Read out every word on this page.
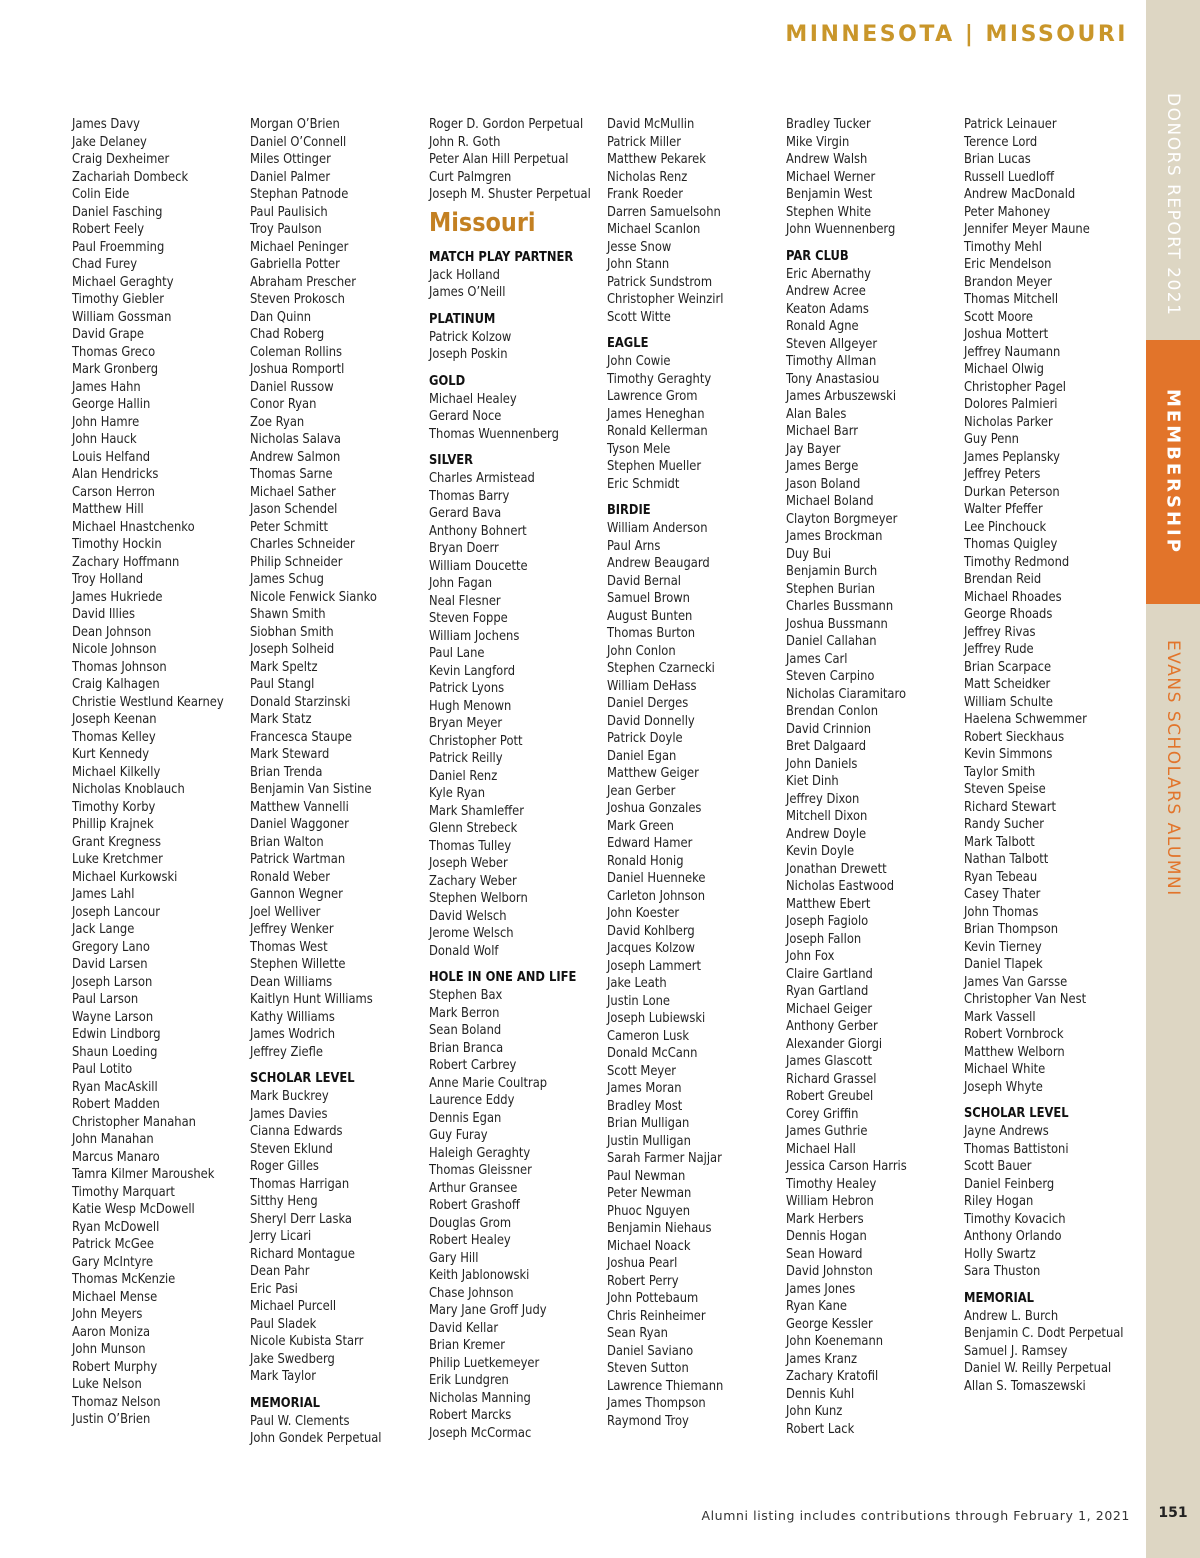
MINNESOTA | MISSOURI
James Davy
Jake Delaney
Craig Dexheimer
Zachariah Dombeck
Colin Eide
Daniel Fasching
Robert Feely
Paul Froemming
Chad Furey
Michael Geraghty
Timothy Giebler
William Gossman
David Grape
Thomas Greco
Mark Gronberg
James Hahn
George Hallin
John Hamre
John Hauck
Louis Helfand
Alan Hendricks
Carson Herron
Matthew Hill
Michael Hnastchenko
Timothy Hockin
Zachary Hoffmann
Troy Holland
James Hukriede
David Illies
Dean Johnson
Nicole Johnson
Thomas Johnson
Craig Kalhagen
Christie Westlund Kearney
Joseph Keenan
Thomas Kelley
Kurt Kennedy
Michael Kilkelly
Nicholas Knoblauch
Timothy Korby
Phillip Krajnek
Grant Kregness
Luke Kretchmer
Michael Kurkowski
James Lahl
Joseph Lancour
Jack Lange
Gregory Lano
David Larsen
Joseph Larson
Paul Larson
Wayne Larson
Edwin Lindborg
Shaun Loeding
Paul Lotito
Ryan MacAskill
Robert Madden
Christopher Manahan
John Manahan
Marcus Manaro
Tamra Kilmer Maroushek
Timothy Marquart
Katie Wesp McDowell
Ryan McDowell
Patrick McGee
Gary McIntyre
Thomas McKenzie
Michael Mense
John Meyers
Aaron Moniza
John Munson
Robert Murphy
Luke Nelson
Thomaz Nelson
Justin O’Brien
Morgan O’Brien
Daniel O’Connell
Miles Ottinger
Daniel Palmer
Stephan Patnode
Paul Paulisich
Troy Paulson
Michael Peninger
Gabriella Potter
Abraham Prescher
Steven Prokosch
Dan Quinn
Chad Roberg
Coleman Rollins
Joshua Romportl
Daniel Russow
Conor Ryan
Zoe Ryan
Nicholas Salava
Andrew Salmon
Thomas Sarne
Michael Sather
Jason Schendel
Peter Schmitt
Charles Schneider
Philip Schneider
James Schug
Nicole Fenwick Sianko
Shawn Smith
Siobhan Smith
Joseph Solheid
Mark Speltz
Paul Stangl
Donald Starzinski
Mark Statz
Francesca Staupe
Mark Steward
Brian Trenda
Benjamin Van Sistine
Matthew Vannelli
Daniel Waggoner
Brian Walton
Patrick Wartman
Ronald Weber
Gannon Wegner
Joel Welliver
Jeffrey Wenker
Thomas West
Stephen Willette
Dean Williams
Kaitlyn Hunt Williams
Kathy Williams
James Wodrich
Jeffrey Ziefle
SCHOLAR LEVEL
Mark Buckrey
James Davies
Cianna Edwards
Steven Eklund
Roger Gilles
Thomas Harrigan
Sitthy Heng
Sheryl Derr Laska
Jerry Licari
Richard Montague
Dean Pahr
Eric Pasi
Michael Purcell
Paul Sladek
Nicole Kubista Starr
Jake Swedberg
Mark Taylor
MEMORIAL
Paul W. Clements
John Gondek Perpetual
Roger D. Gordon Perpetual
John R. Goth
Peter Alan Hill Perpetual
Curt Palmgren
Joseph M. Shuster Perpetual
Missouri
MATCH PLAY PARTNER
Jack Holland
James O’Neill
PLATINUM
Patrick Kolzow
Joseph Poskin
GOLD
Michael Healey
Gerard Noce
Thomas Wuennenberg
SILVER
Charles Armistead
Thomas Barry
Gerard Bava
Anthony Bohnert
Bryan Doerr
William Doucette
John Fagan
Neal Flesner
Steven Foppe
William Jochens
Paul Lane
Kevin Langford
Patrick Lyons
Hugh Menown
Bryan Meyer
Christopher Pott
Patrick Reilly
Daniel Renz
Kyle Ryan
Mark Shamleffer
Glenn Strebeck
Thomas Tulley
Joseph Weber
Zachary Weber
Stephen Welborn
David Welsch
Jerome Welsch
Donald Wolf
HOLE IN ONE AND LIFE
Stephen Bax
Mark Berron
Sean Boland
Brian Branca
Robert Carbrey
Anne Marie Coultrap
Laurence Eddy
Dennis Egan
Guy Furay
Haleigh Geraghty
Thomas Gleissner
Arthur Gransee
Robert Grashoff
Douglas Grom
Robert Healey
Gary Hill
Keith Jablonowski
Chase Johnson
Mary Jane Groff Judy
David Kellar
Brian Kremer
Philip Luetkemeyer
Erik Lundgren
Nicholas Manning
Robert Marcks
Joseph McCormac
David McMullin
Patrick Miller
Matthew Pekarek
Nicholas Renz
Frank Roeder
Darren Samuelsohn
Michael Scanlon
Jesse Snow
John Stann
Patrick Sundstrom
Christopher Weinzirl
Scott Witte
EAGLE
John Cowie
Timothy Geraghty
Lawrence Grom
James Heneghan
Ronald Kellerman
Tyson Mele
Stephen Mueller
Eric Schmidt
BIRDIE
William Anderson
Paul Arns
Andrew Beaugard
David Bernal
Samuel Brown
August Bunten
Thomas Burton
John Conlon
Stephen Czarnecki
William DeHass
Daniel Derges
David Donnelly
Patrick Doyle
Daniel Egan
Matthew Geiger
Jean Gerber
Joshua Gonzales
Mark Green
Edward Hamer
Ronald Honig
Daniel Huenneke
Carleton Johnson
John Koester
David Kohlberg
Jacques Kolzow
Joseph Lammert
Jake Leath
Justin Lone
Joseph Lubiewski
Cameron Lusk
Donald McCann
Scott Meyer
James Moran
Bradley Most
Brian Mulligan
Justin Mulligan
Sarah Farmer Najjar
Paul Newman
Peter Newman
Phuoc Nguyen
Benjamin Niehaus
Michael Noack
Joshua Pearl
Robert Perry
John Pottebaum
Chris Reinheimer
Sean Ryan
Daniel Saviano
Steven Sutton
Lawrence Thiemann
James Thompson
Raymond Troy
Bradley Tucker
Mike Virgin
Andrew Walsh
Michael Werner
Benjamin West
Stephen White
John Wuennenberg
PAR CLUB
Eric Abernathy
Andrew Acree
Keaton Adams
Ronald Agne
Steven Allgeyer
Timothy Allman
Tony Anastasiou
James Arbuszewski
Alan Bales
Michael Barr
Jay Bayer
James Berge
Jason Boland
Michael Boland
Clayton Borgmeyer
James Brockman
Duy Bui
Benjamin Burch
Stephen Burian
Charles Bussmann
Joshua Bussmann
Daniel Callahan
James Carl
Steven Carpino
Nicholas Ciaramitaro
Brendan Conlon
David Crinnion
Bret Dalgaard
John Daniels
Kiet Dinh
Jeffrey Dixon
Mitchell Dixon
Andrew Doyle
Kevin Doyle
Jonathan Drewett
Nicholas Eastwood
Matthew Ebert
Joseph Fagiolo
Joseph Fallon
John Fox
Claire Gartland
Ryan Gartland
Michael Geiger
Anthony Gerber
Alexander Giorgi
James Glascott
Richard Grassel
Robert Greubel
Corey Griffin
James Guthrie
Michael Hall
Jessica Carson Harris
Timothy Healey
William Hebron
Mark Herbers
Dennis Hogan
Sean Howard
David Johnston
James Jones
Ryan Kane
George Kessler
John Koenemann
James Kranz
Zachary Kratofil
Dennis Kuhl
John Kunz
Robert Lack
Patrick Leinauer
Terence Lord
Brian Lucas
Russell Luedloff
Andrew MacDonald
Peter Mahoney
Jennifer Meyer Maune
Timothy Mehl
Eric Mendelson
Brandon Meyer
Thomas Mitchell
Scott Moore
Joshua Mottert
Jeffrey Naumann
Michael Olwig
Christopher Pagel
Dolores Palmieri
Nicholas Parker
Guy Penn
James Peplansky
Jeffrey Peters
Durkan Peterson
Walter Pfeffer
Lee Pinchouck
Thomas Quigley
Timothy Redmond
Brendan Reid
Michael Rhoades
George Rhoads
Jeffrey Rivas
Jeffrey Rude
Brian Scarpace
Matt Scheidker
William Schulte
Haelena Schwemmer
Robert Sieckhaus
Kevin Simmons
Taylor Smith
Steven Speise
Richard Stewart
Randy Sucher
Mark Talbott
Nathan Talbott
Ryan Tebeau
Casey Thater
John Thomas
Brian Thompson
Kevin Tierney
Daniel Tlapek
James Van Garsse
Christopher Van Nest
Mark Vassell
Robert Vornbrock
Matthew Welborn
Michael White
Joseph Whyte
SCHOLAR LEVEL
Jayne Andrews
Thomas Battistoni
Scott Bauer
Daniel Feinberg
Riley Hogan
Timothy Kovacich
Anthony Orlando
Holly Swartz
Sara Thuston
MEMORIAL
Andrew L. Burch
Benjamin C. Dodt Perpetual
Samuel J. Ramsey
Daniel W. Reilly Perpetual
Allan S. Tomaszewski
DONORS REPORT 2021
MEMBERSHIP
EVANS SCHOLARS ALUMNI
Alumni listing includes contributions through February 1, 2021	151
